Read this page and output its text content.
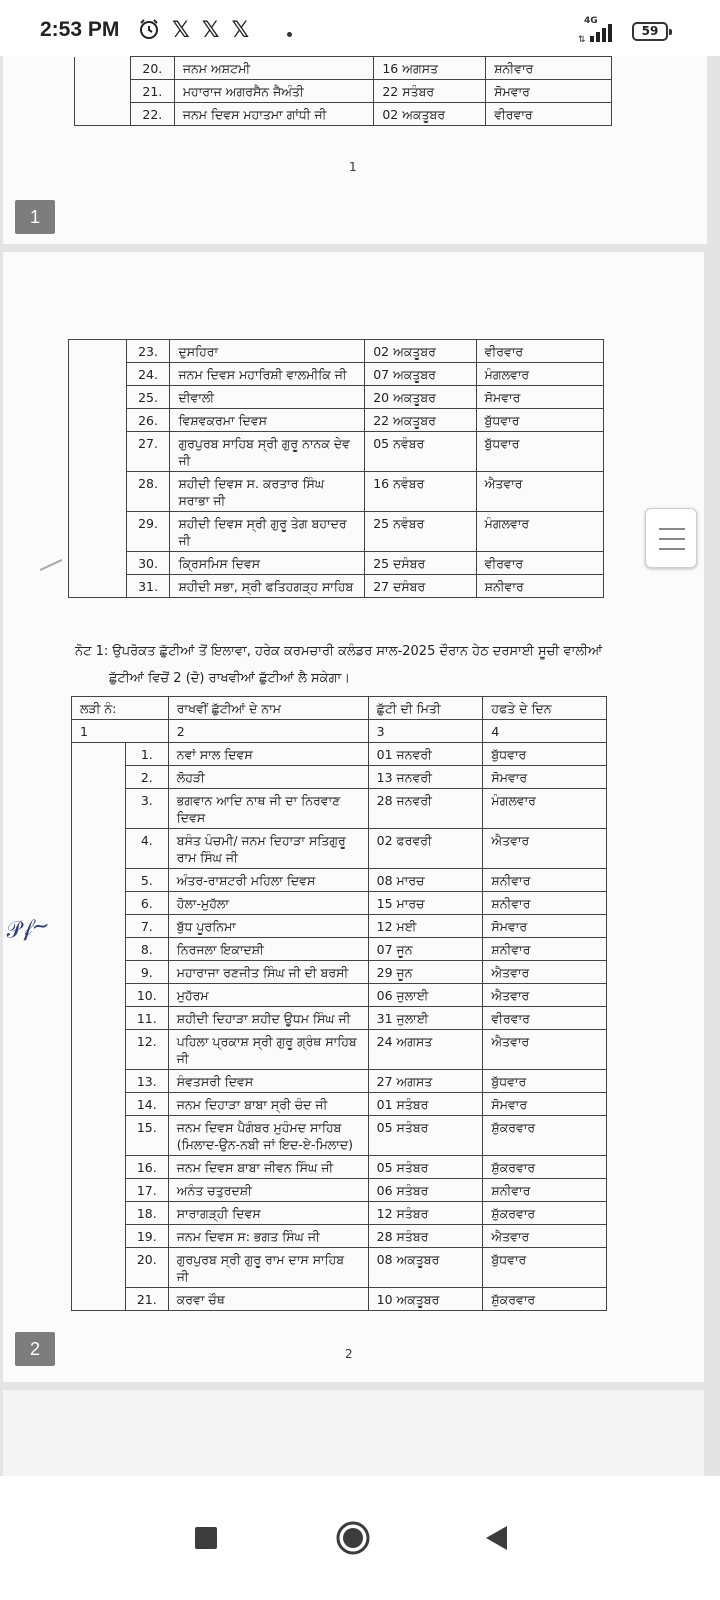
2:53 PM 𝕏 𝕏 𝕏	4G
⇅
59
	20.	ਜਨਮ ਅਸ਼ਟਮੀ	16 ਅਗਸਤ	ਸ਼ਨੀਵਾਰ
	21.	ਮਹਾਰਾਜ ਅਗਰਸੈਨ ਜੈਅੰਤੀ	22 ਸਤੰਬਰ	ਸੋਮਵਾਰ
	22.	ਜਨਮ ਦਿਵਸ ਮਹਾਤਮਾ ਗਾਂਧੀ ਜੀ	02 ਅਕਤੂਬਰ	ਵੀਰਵਾਰ
1
1
	23.	ਦੁਸਹਿਰਾ	02 ਅਕਤੂਬਰ	ਵੀਰਵਾਰ
	24.	ਜਨਮ ਦਿਵਸ ਮਹਾਰਿਸ਼ੀ ਵਾਲਮੀਕਿ ਜੀ	07 ਅਕਤੂਬਰ	ਮੰਗਲਵਾਰ
	25.	ਦੀਵਾਲੀ	20 ਅਕਤੂਬਰ	ਸੋਮਵਾਰ
	26.	ਵਿਸ਼ਵਕਰਮਾ ਦਿਵਸ	22 ਅਕਤੂਬਰ	ਬੁੱਧਵਾਰ
	27.	ਗੁਰਪੁਰਬ ਸਾਹਿਬ ਸ੍ਰੀ ਗੁਰੂ ਨਾਨਕ ਦੇਵ ਜੀ	05 ਨਵੰਬਰ	ਬੁੱਧਵਾਰ
	28.	ਸ਼ਹੀਦੀ ਦਿਵਸ ਸ. ਕਰਤਾਰ ਸਿੰਘ ਸਰਾਭਾ ਜੀ	16 ਨਵੰਬਰ	ਐਤਵਾਰ
	29.	ਸ਼ਹੀਦੀ ਦਿਵਸ ਸ੍ਰੀ ਗੁਰੂ ਤੇਗ ਬਹਾਦਰ ਜੀ	25 ਨਵੰਬਰ	ਮੰਗਲਵਾਰ
	30.	ਕ੍ਰਿਸਮਿਸ ਦਿਵਸ	25 ਦਸੰਬਰ	ਵੀਰਵਾਰ
	31.	ਸ਼ਹੀਦੀ ਸਭਾ, ਸ੍ਰੀ ਫਤਿਹਗੜ੍ਹ ਸਾਹਿਬ	27 ਦਸੰਬਰ	ਸ਼ਨੀਵਾਰ
ਨੋਟ 1: ਉਪਰੋਕਤ ਛੁੱਟੀਆਂ ਤੋਂ ਇਲਾਵਾ, ਹਰੇਕ ਕਰਮਚਾਰੀ ਕਲੰਡਰ ਸਾਲ-2025 ਦੌਰਾਨ ਹੇਠ ਦਰਸਾਈ ਸੂਚੀ ਵਾਲੀਆਂ
ਛੁੱਟੀਆਂ ਵਿਚੋਂ 2 (ਦੋ) ਰਾਖਵੀਆਂ ਛੁੱਟੀਆਂ ਲੈ ਸਕੇਗਾ।
ਲੜੀ ਨੰ:		ਰਾਖਵੀਂ ਛੁੱਟੀਆਂ ਦੇ ਨਾਮ	ਛੁੱਟੀ ਦੀ ਮਿਤੀ	ਹਫਤੇ ਦੇ ਦਿਨ
1		2	3	4
	1.	ਨਵਾਂ ਸਾਲ ਦਿਵਸ	01 ਜਨਵਰੀ	ਬੁੱਧਵਾਰ
	2.	ਲੋਹੜੀ	13 ਜਨਵਰੀ	ਸੋਮਵਾਰ
	3.	ਭਗਵਾਨ ਆਦਿ ਨਾਥ ਜੀ ਦਾ ਨਿਰਵਾਣ ਦਿਵਸ	28 ਜਨਵਰੀ	ਮੰਗਲਵਾਰ
	4.	ਬਸੰਤ ਪੰਚਮੀ/ ਜਨਮ ਦਿਹਾੜਾ ਸਤਿਗੁਰੂ ਰਾਮ ਸਿੰਘ ਜੀ	02 ਫਰਵਰੀ	ਐਤਵਾਰ
	5.	ਅੰਤਰ-ਰਾਸ਼ਟਰੀ ਮਹਿਲਾ ਦਿਵਸ	08 ਮਾਰਚ	ਸ਼ਨੀਵਾਰ
	6.	ਹੋਲਾ-ਮੁਹੱਲਾ	15 ਮਾਰਚ	ਸ਼ਨੀਵਾਰ
	7.	ਬੁੱਧ ਪੂਰਨਿਮਾ	12 ਮਈ	ਸੋਮਵਾਰ
	8.	ਨਿਰਜਲਾ ਇਕਾਦਸ਼ੀ	07 ਜੂਨ	ਸ਼ਨੀਵਾਰ
	9.	ਮਹਾਰਾਜਾ ਰਣਜੀਤ ਸਿੰਘ ਜੀ ਦੀ ਬਰਸੀ	29 ਜੂਨ	ਐਤਵਾਰ
	10.	ਮੁਹੱਰਮ	06 ਜੁਲਾਈ	ਐਤਵਾਰ
	11.	ਸ਼ਹੀਦੀ ਦਿਹਾੜਾ ਸ਼ਹੀਦ ਊਧਮ ਸਿੰਘ ਜੀ	31 ਜੁਲਾਈ	ਵੀਰਵਾਰ
	12.	ਪਹਿਲਾ ਪ੍ਰਕਾਸ਼ ਸ੍ਰੀ ਗੁਰੂ ਗ੍ਰੰਥ ਸਾਹਿਬ ਜੀ	24 ਅਗਸਤ	ਐਤਵਾਰ
	13.	ਸੰਵਤਸਰੀ ਦਿਵਸ	27 ਅਗਸਤ	ਬੁੱਧਵਾਰ
	14.	ਜਨਮ ਦਿਹਾੜਾ ਬਾਬਾ ਸ੍ਰੀ ਚੰਦ ਜੀ	01 ਸਤੰਬਰ	ਸੋਮਵਾਰ
	15.	ਜਨਮ ਦਿਵਸ ਪੈਗੰਬਰ ਮੁਹੰਮਦ ਸਾਹਿਬ (ਮਿਲਾਦ-ਉਨ-ਨਬੀ ਜਾਂ ਇਦ-ਏ-ਮਿਲਾਦ)	05 ਸਤੰਬਰ	ਸ਼ੁੱਕਰਵਾਰ
	16.	ਜਨਮ ਦਿਵਸ ਬਾਬਾ ਜੀਵਨ ਸਿੰਘ ਜੀ	05 ਸਤੰਬਰ	ਸ਼ੁੱਕਰਵਾਰ
	17.	ਅਨੰਤ ਚਤੁਰਦਸ਼ੀ	06 ਸਤੰਬਰ	ਸ਼ਨੀਵਾਰ
	18.	ਸਾਰਾਗੜ੍ਹੀ ਦਿਵਸ	12 ਸਤੰਬਰ	ਸ਼ੁੱਕਰਵਾਰ
	19.	ਜਨਮ ਦਿਵਸ ਸ: ਭਗਤ ਸਿੰਘ ਜੀ	28 ਸਤੰਬਰ	ਐਤਵਾਰ
	20.	ਗੁਰਪੁਰਬ ਸ੍ਰੀ ਗੁਰੂ ਰਾਮ ਦਾਸ ਸਾਹਿਬ ਜੀ	08 ਅਕਤੂਬਰ	ਬੁੱਧਵਾਰ
	21.	ਕਰਵਾ ਚੌਥ	10 ਅਕਤੂਬਰ	ਸ਼ੁੱਕਰਵਾਰ
2
2
𝒫𝒻~
